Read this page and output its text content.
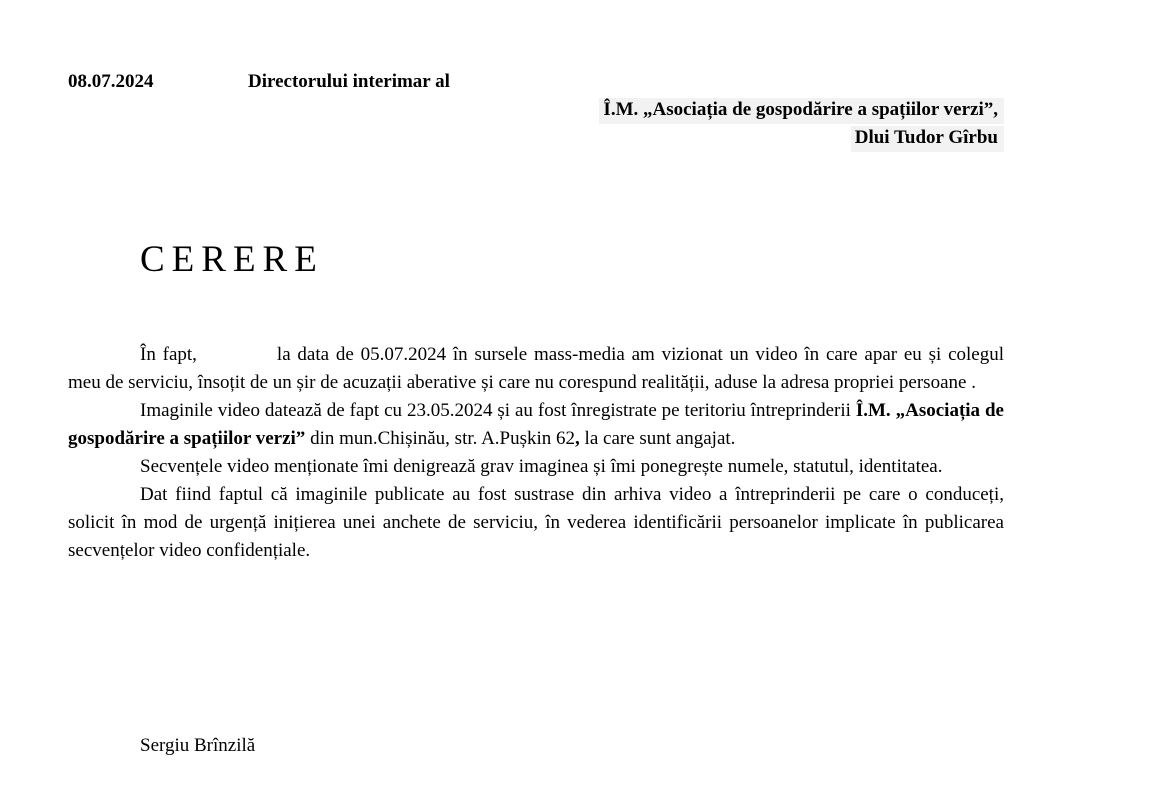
08.07.2024	Directorului interimar al
Î.M. „Asociația de gospodărire a spațiilor verzi”,
Dlui Tudor Gîrbu
CERERE

În fapt,	la data de 05.07.2024 în sursele mass-media am vizionat un video în care apar eu și colegul meu de serviciu, însoțit de un șir de acuzații aberative și care nu corespund realității, aduse la adresa propriei persoane .

Imaginile video datează de fapt cu 23.05.2024 și au fost înregistrate pe teritoriu întreprinderii Î.M. „Asociația de gospodărire a spațiilor verzi” din mun.Chișinău, str. A.Pușkin 62, la care sunt angajat.

Secvențele video menționate îmi denigrează grav imaginea și îmi ponegrește numele, statutul, identitatea.

Dat fiind faptul că imaginile publicate au fost sustrase din arhiva video a întreprinderii pe care o conduceți, solicit în mod de urgență inițierea unei anchete de serviciu, în vederea identificării persoanelor implicate în publicarea secvențelor video confidențiale.

Sergiu Brînzilă
